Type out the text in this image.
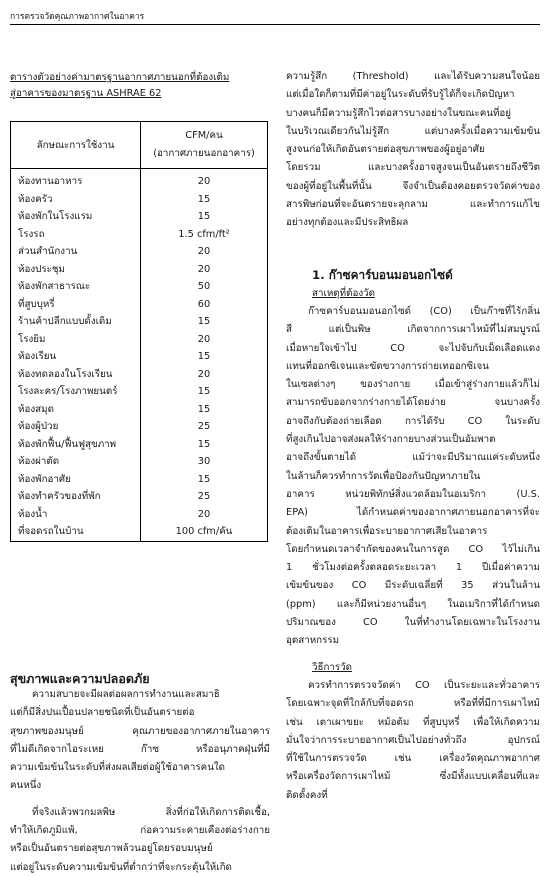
การตรวจวัดคุณภาพอากาศในอาคาร
ตารางตัวอย่างค่ามาตรฐานอากาศภายนอกที่ต้องเติม
สู่อาคารของมาตรฐาน ASHRAE 62
ลักษณะการใช้งาน	CFM/คน
(อากาศภายนอกอาคาร)

ห้องทานอาหาร	20
ห้องครัว	15
ห้องพักในโรงแรม	15
โรงรถ	1.5 cfm/ft²
ส่วนสำนักงาน	20
ห้องประชุม	20
ห้องพักสาธารณะ	50
ที่สูบบุหรี่	60
ร้านค้าปลีกแบบดั้งเดิม	15
โรงยิม	20
ห้องเรียน	15
ห้องทดลองในโรงเรียน	20
โรงละคร/โรงภาพยนตร์	15
ห้องสมุด	15
ห้องผู้ป่วย	25
ห้องพักฟื้น/ฟื้นฟูสุขภาพ	15
ห้องผ่าตัด	30
ห้องพักอาศัย	15
ห้องทำครัวของที่พัก	25
ห้องน้ำ	20
ที่จอดรถในบ้าน	100 cfm/คัน
สุขภาพและความปลอดภัย
ความสบายจะมีผลต่อผลการทำงานและสมาธิ
แต่ก็มีสิ่งปนเปื้อนปลายชนิดที่เป็นอันตรายต่อ
สุขภาพของมนุษย์ คุณภายของอากาศภายในอาคาร
ที่ไม่ดีเกิดจากไอระเหย ก๊าซ หรืออนุภาคฝุ่นที่มี
ความเข้มข้นในระดับที่ส่งผลเสียต่อผู้ใช้อาคารคนใด
คนหนึ่ง
ที่จริงแล้วพวกมลพิษ สิ่งที่ก่อให้เกิดการติดเชื้อ,
ทำให้เกิดภูมิแพ้, ก่อความระคายเคืองต่อร่างกาย
หรือเป็นอันตรายต่อสุขภาพล้วนอยู่โดยรอบมนุษย์
แต่อยู่ในระดับความเข้มข้นที่ต่ำกว่าที่จะกระตุ้นให้เกิด
ความรู้สึก (Threshold) และได้รับความสนใจน้อย
แต่เมื่อใดก็ตามที่มีค่าอยู่ในระดับที่รับรู้ได้ก็จะเกิดปัญหา
บางคนก็มีความรู้สึกไวต่อสารบางอย่างในขณะคนที่อยู่
ในบริเวณเดียวกันไม่รู้สึก แต่บางครั้งเมื่อความเข้มข้น
สูงจนก่อให้เกิดอันตรายต่อสุขภาพของผู้อยู่อาศัย
โดยรวม และบางครั้งอาจสูงจนเป็นอันตรายถึงชีวิต
ของผู้ที่อยู่ในพื้นที่นั้น จึงจำเป็นต้องคอยตรวจวัดค่าของ
สารพิษก่อนที่จะอันตรายจะลุกลาม และทำการแก้ไข
อย่างทุกต้องและมีประสิทธิผล
1. ก๊าซคาร์บอนมอนอกไซด์
สาเหตุที่ต้องวัด
ก๊าซคาร์บอนมอนอกไซด์ (CO) เป็นก๊าซที่ไร้กลิ่น
สี แต่เป็นพิษ เกิดจากการเผาไหม้ที่ไม่สมบูรณ์
เมื่อหายใจเข้าไป CO จะไปจับกับเม็ดเลือดแดง
แทนที่ออกซิเจนและขัดขวางการถ่ายเทออกซิเจน
ในเซลต่างๆ ของร่างกาย เมื่อเข้าสู่ร่างกายแล้วก็ไม่
สามารถขับออกจากร่างกายได้โดยง่าย จนบางครั้ง
อาจถึงกับต้องถ่ายเลือด การได้รับ CO ในระดับ
ที่สูงเกินไปอาจส่งผลให้ร่างกายบางส่วนเป็นอัมพาต
อาจถึงขั้นตายได้ แม้ว่าจะมีปริมาณแค่ระดับหนึ่ง
ในล้านก็ควรทำการวัดเพื่อป้องกันปัญหาภายใน
อาคาร หน่วยพิทักษ์สิ่งแวดล้อมในอเมริกา (U.S.
EPA) ได้กำหนดค่าของอากาศภายนอกอาคารที่จะ
ต้องเติมในอาคารเพื่อระบายอากาศเสียในอาคาร
โดยกำหนดเวลาจำกัดของคนในการสูด CO ไว้ไม่เกิน
1 ชั่วโมงต่อครั้งตลอดระยะเวลา 1 ปีเมื่อค่าความ
เข้มข้นของ CO มีระดับเฉลี่ยที่ 35 ส่วนในล้าน
(ppm) และก็มีหน่วยงานอื่นๆ ในอเมริกาที่ได้กำหนด
ปริมาณของ CO ในที่ทำงานโดยเฉพาะในโรงงาน
อุตสาหกรรม
วิธีการวัด
ควรทำการตรวจวัดค่า CO เป็นระยะและทั่วอาคาร
โดยเฉพาะจุดที่ใกล้กับที่จอดรถ หรือที่ที่มีการเผาไหม้
เช่น เตาเผาขยะ หม้อต้ม ที่สูบบุหรี่ เพื่อให้เกิดความ
มั่นใจว่าการระบายอากาศเป็นไปอย่างทั่วถึง อุปกรณ์
ที่ใช้ในการตรวจวัด เช่น เครื่องวัดคุณภาพอากาศ
หรือเครื่องวัดการเผาไหม้ ซึ่งมีทั้งแบบเคลื่อนที่และ
ติดตั้งคงที่
